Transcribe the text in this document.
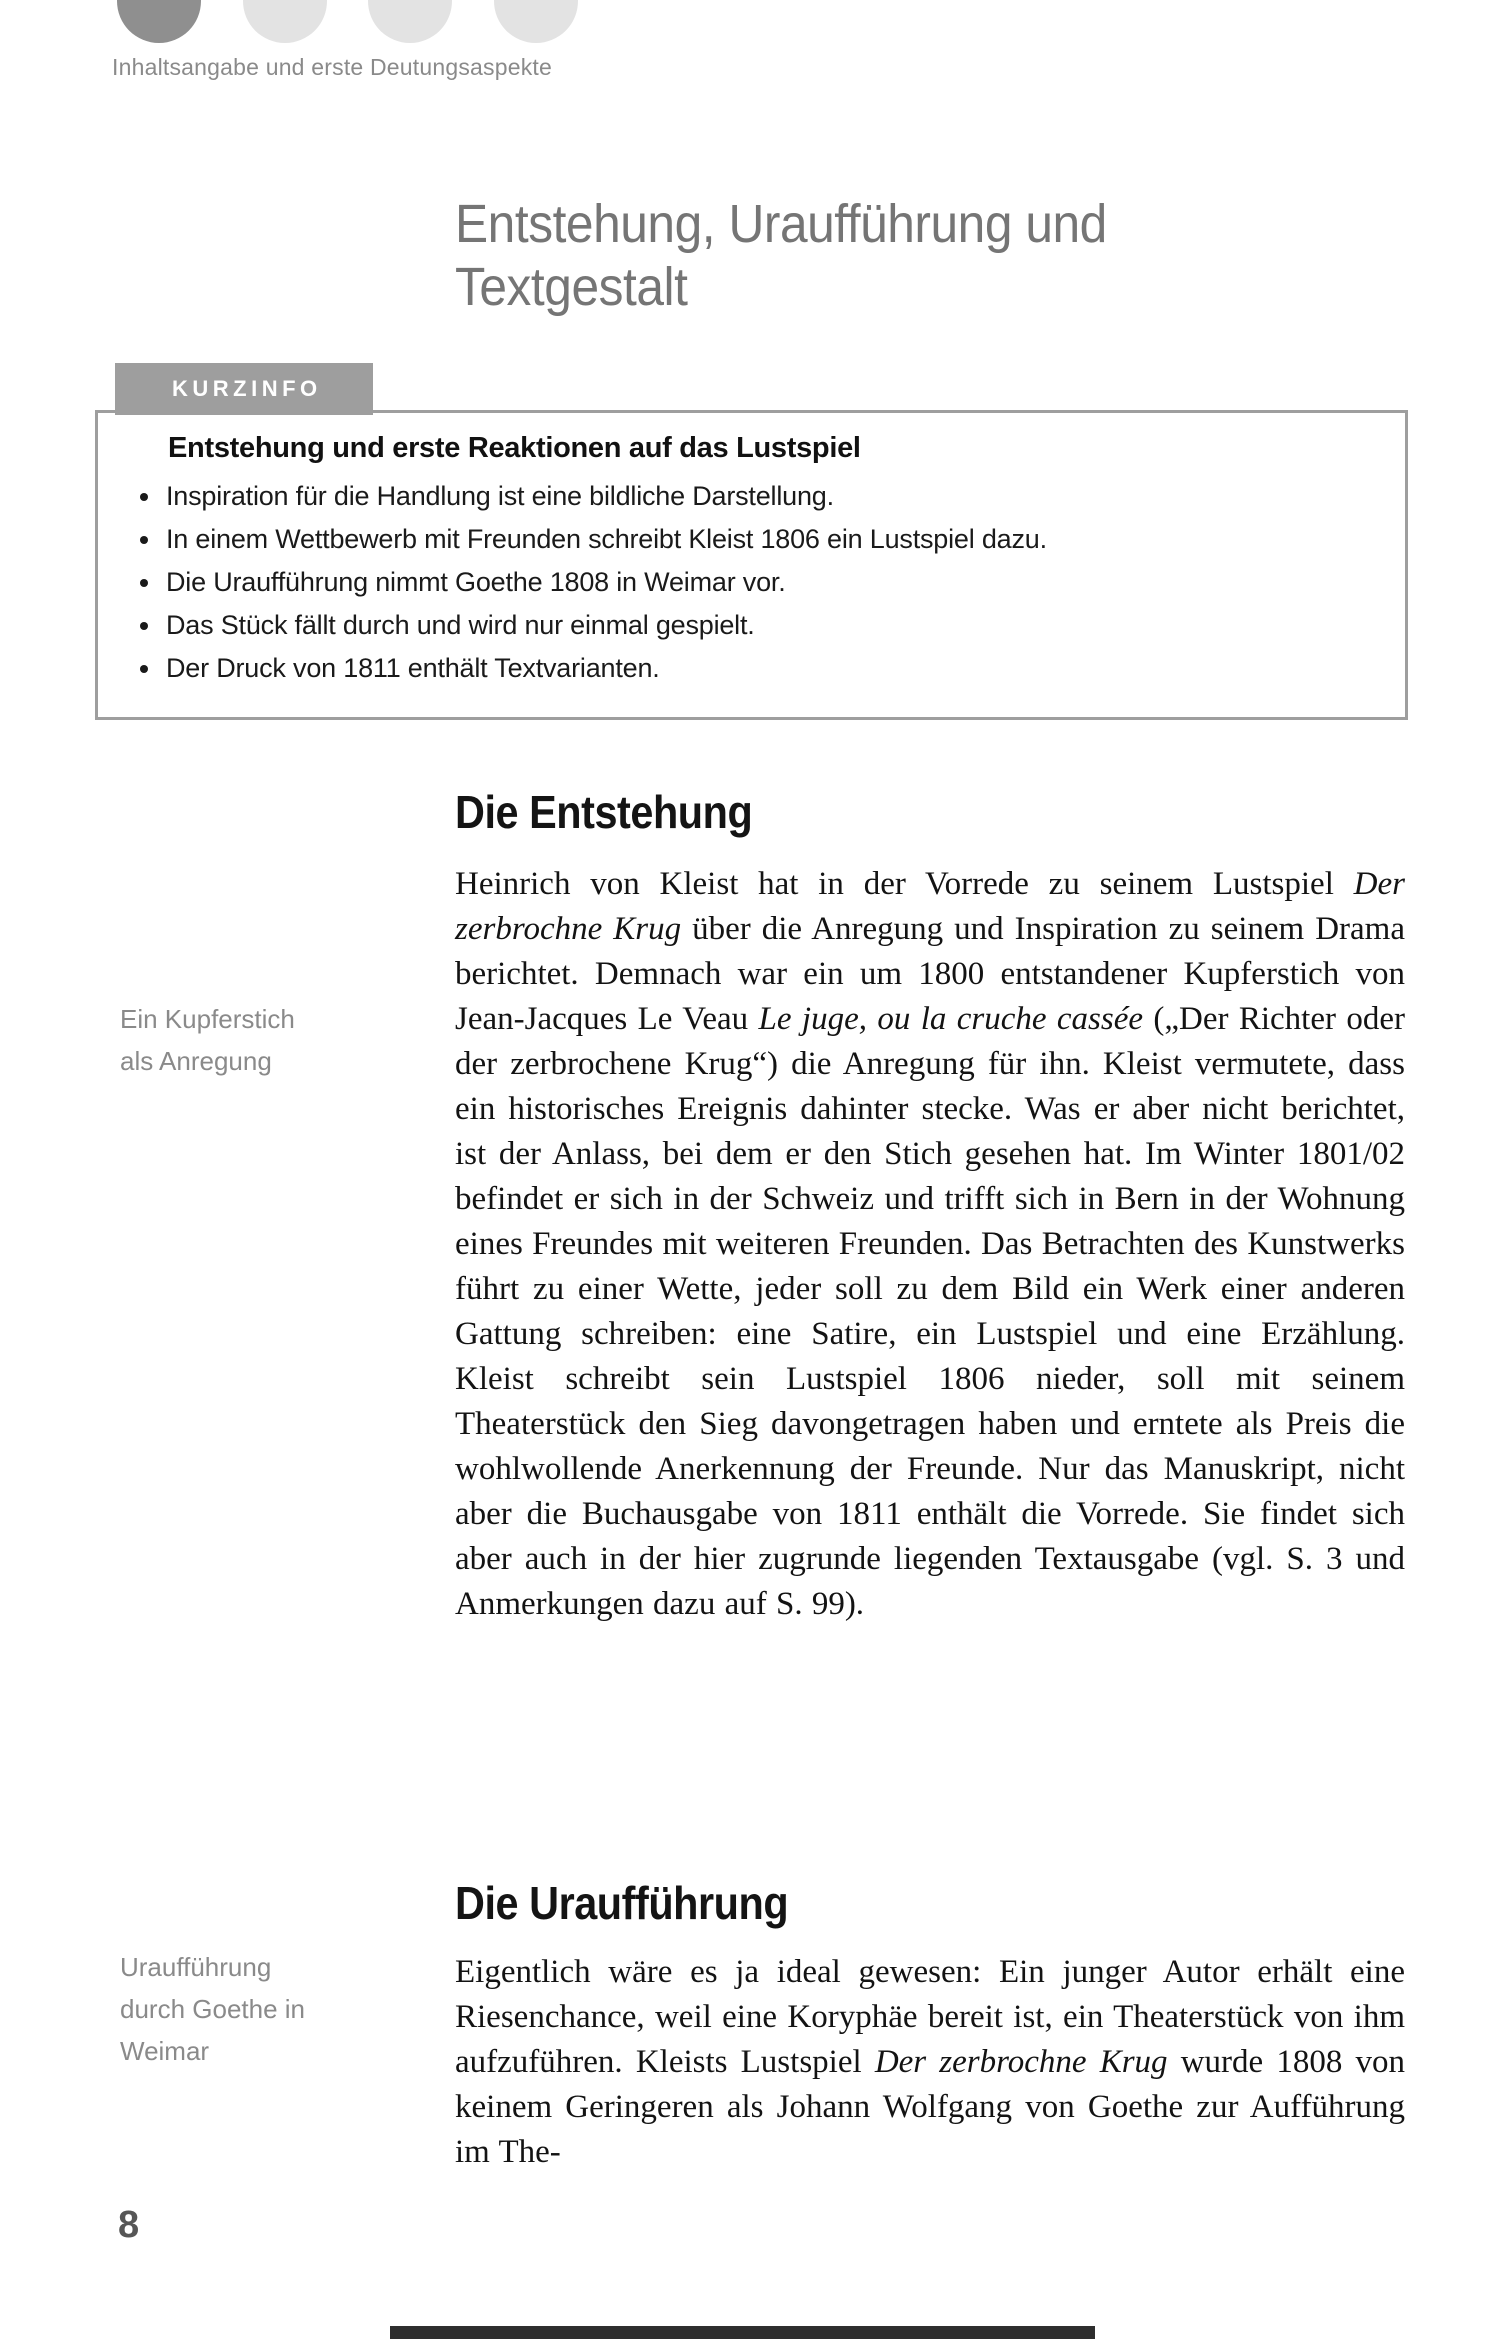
Inhaltsangabe und erste Deutungsaspekte
Entstehung, Uraufführung und
Textgestalt
KURZINFO
Entstehung und erste Reaktionen auf das Lustspiel
Inspiration für die Handlung ist eine bildliche Darstellung.
In einem Wettbewerb mit Freunden schreibt Kleist 1806 ein Lustspiel dazu.
Die Uraufführung nimmt Goethe 1808 in Weimar vor.
Das Stück fällt durch und wird nur einmal gespielt.
Der Druck von 1811 enthält Textvarianten.
Die Entstehung
Ein Kupferstich
als Anregung
Heinrich von Kleist hat in der Vorrede zu seinem Lustspiel Der zerbrochne Krug über die Anregung und Inspiration zu seinem Drama berichtet. Demnach war ein um 1800 entstandener Kupferstich von Jean-Jacques Le Veau Le juge, ou la cruche cassée („Der Richter oder der zerbrochene Krug“) die Anregung für ihn. Kleist vermutete, dass ein historisches Ereignis dahinter stecke. Was er aber nicht berichtet, ist der Anlass, bei dem er den Stich gesehen hat. Im Winter 1801/02 befindet er sich in der Schweiz und trifft sich in Bern in der Wohnung eines Freundes mit weiteren Freunden. Das Betrachten des Kunstwerks führt zu einer Wette, jeder soll zu dem Bild ein Werk einer anderen Gattung schreiben: eine Satire, ein Lustspiel und eine Erzählung. Kleist schreibt sein Lustspiel 1806 nieder, soll mit seinem Theaterstück den Sieg davongetragen haben und erntete als Preis die wohlwollende Anerkennung der Freunde. Nur das Manuskript, nicht aber die Buchausgabe von 1811 enthält die Vorrede. Sie findet sich aber auch in der hier zugrunde liegenden Textausgabe (vgl. S. 3 und Anmerkungen dazu auf S. 99).
Die Uraufführung
Uraufführung
durch Goethe in
Weimar
Eigentlich wäre es ja ideal gewesen: Ein junger Autor erhält eine Riesenchance, weil eine Koryphäe bereit ist, ein Theaterstück von ihm aufzuführen. Kleists Lustspiel Der zerbrochne Krug wurde 1808 von keinem Geringeren als Johann Wolfgang von Goethe zur Aufführung im The-
8
